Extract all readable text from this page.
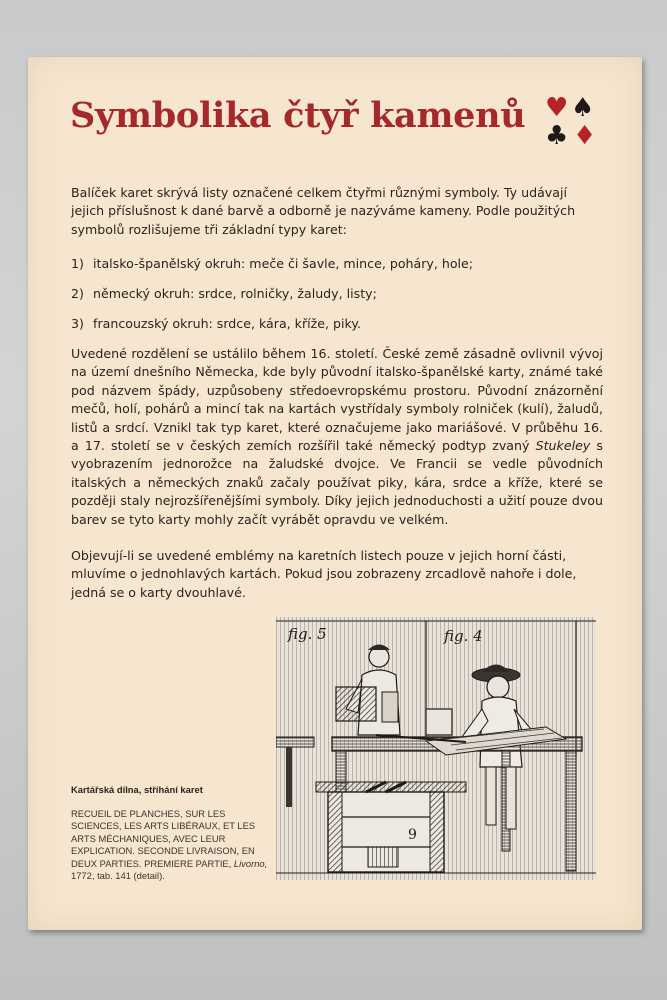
Symbolika čtyř kamenů ♥ ♠
♣ ♦

Balíček karet skrývá listy označené celkem čtyřmi různými symboly. Ty udávají jejich příslušnost k dané barvě a odborně je nazýváme kameny. Podle použitých symbolů rozlišujeme tři základní typy karet:

1) italsko-španělský okruh: meče či šavle, mince, poháry, hole;

2) německý okruh: srdce, rolničky, žaludy, listy;

3) francouzský okruh: srdce, kára, kříže, piky.

Uvedené rozdělení se ustálilo během 16. století. České země zásadně ovlivnil vývoj na území dnešního Německa, kde byly původní italsko-španělské karty, známé také pod názvem špády, uzpůsobeny středoevropskému prostoru. Původní znázornění mečů, holí, pohárů a mincí tak na kartách vystřídaly symboly rolniček (kulí), žaludů, listů a srdcí. Vznikl tak typ karet, které označujeme jako mariášové. V průběhu 16. a 17. století se v českých zemích rozšířil také německý podtyp zvaný Stukeley s vyobrazením jednorožce na žaludské dvojce. Ve Francii se vedle původních italských a německých znaků začaly používat piky, kára, srdce a kříže, které se později staly nejrozšířenějšími symboly. Díky jejich jednoduchosti a užití pouze dvou barev se tyto karty mohly začít vyrábět opravdu ve velkém.

Objevují-li se uvedené emblémy na karetních listech pouze v jejich horní části, mluvíme o jednohlavých kartách. Pokud jsou zobrazeny zrcadlově nahoře i dole, jedná se o karty dvouhlavé.

fig. 5	fig. 4
9
Kartářská dílna, stříhání karet
RECUEIL DE PLANCHES, SUR LES SCIENCES, LES ARTS LIBÉRAUX, ET LES ARTS MÉCHANIQUES, AVEC LEUR EXPLICATION. SECONDE LIVRAISON, EN DEUX PARTIES. PREMIERE PARTIE, Livorno, 1772, tab. 141 (detail).
